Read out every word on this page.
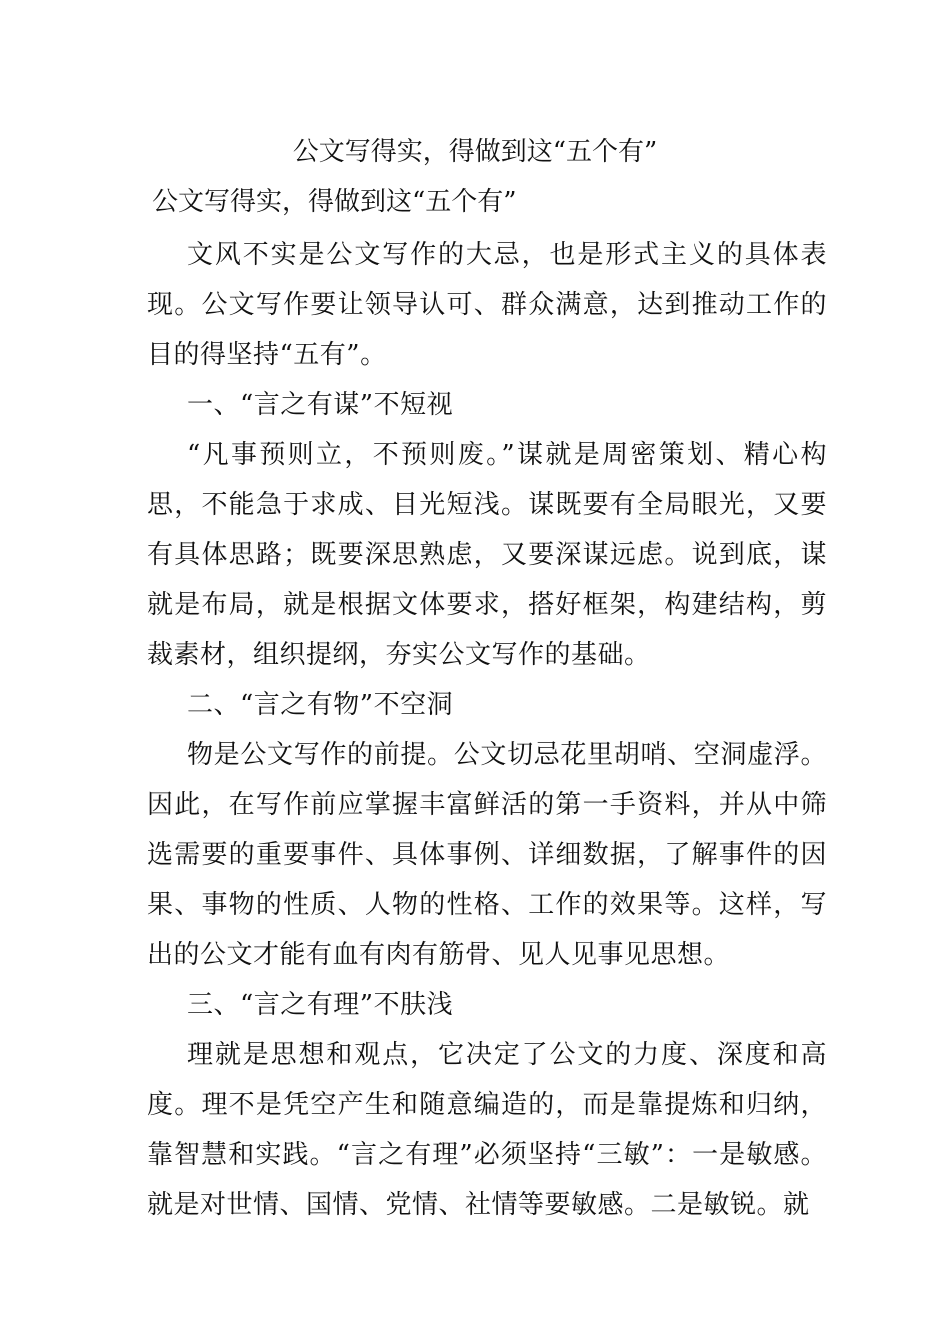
公文写得实，得做到这“五个有”
公文写得实，得做到这“五个有”

文风不实是公文写作的大忌，也是形式主义的具体表现。公文写作要让领导认可、群众满意，达到推动工作的目的得坚持“五有”。

一、“言之有谋”不短视

“凡事预则立，不预则废。”谋就是周密策划、精心构思，不能急于求成、目光短浅。谋既要有全局眼光，又要有具体思路；既要深思熟虑，又要深谋远虑。说到底，谋就是布局，就是根据文体要求，搭好框架，构建结构，剪裁素材，组织提纲，夯实公文写作的基础。

二、“言之有物”不空洞

物是公文写作的前提。公文切忌花里胡哨、空洞虚浮。因此，在写作前应掌握丰富鲜活的第一手资料，并从中筛选需要的重要事件、具体事例、详细数据，了解事件的因果、事物的性质、人物的性格、工作的效果等。这样，写出的公文才能有血有肉有筋骨、见人见事见思想。

三、“言之有理”不肤浅

理就是思想和观点，它决定了公文的力度、深度和高度。理不是凭空产生和随意编造的，而是靠提炼和归纳，靠智慧和实践。“言之有理”必须坚持“三敏”：一是敏感。就是对世情、国情、党情、社情等要敏感。二是敏锐。就
